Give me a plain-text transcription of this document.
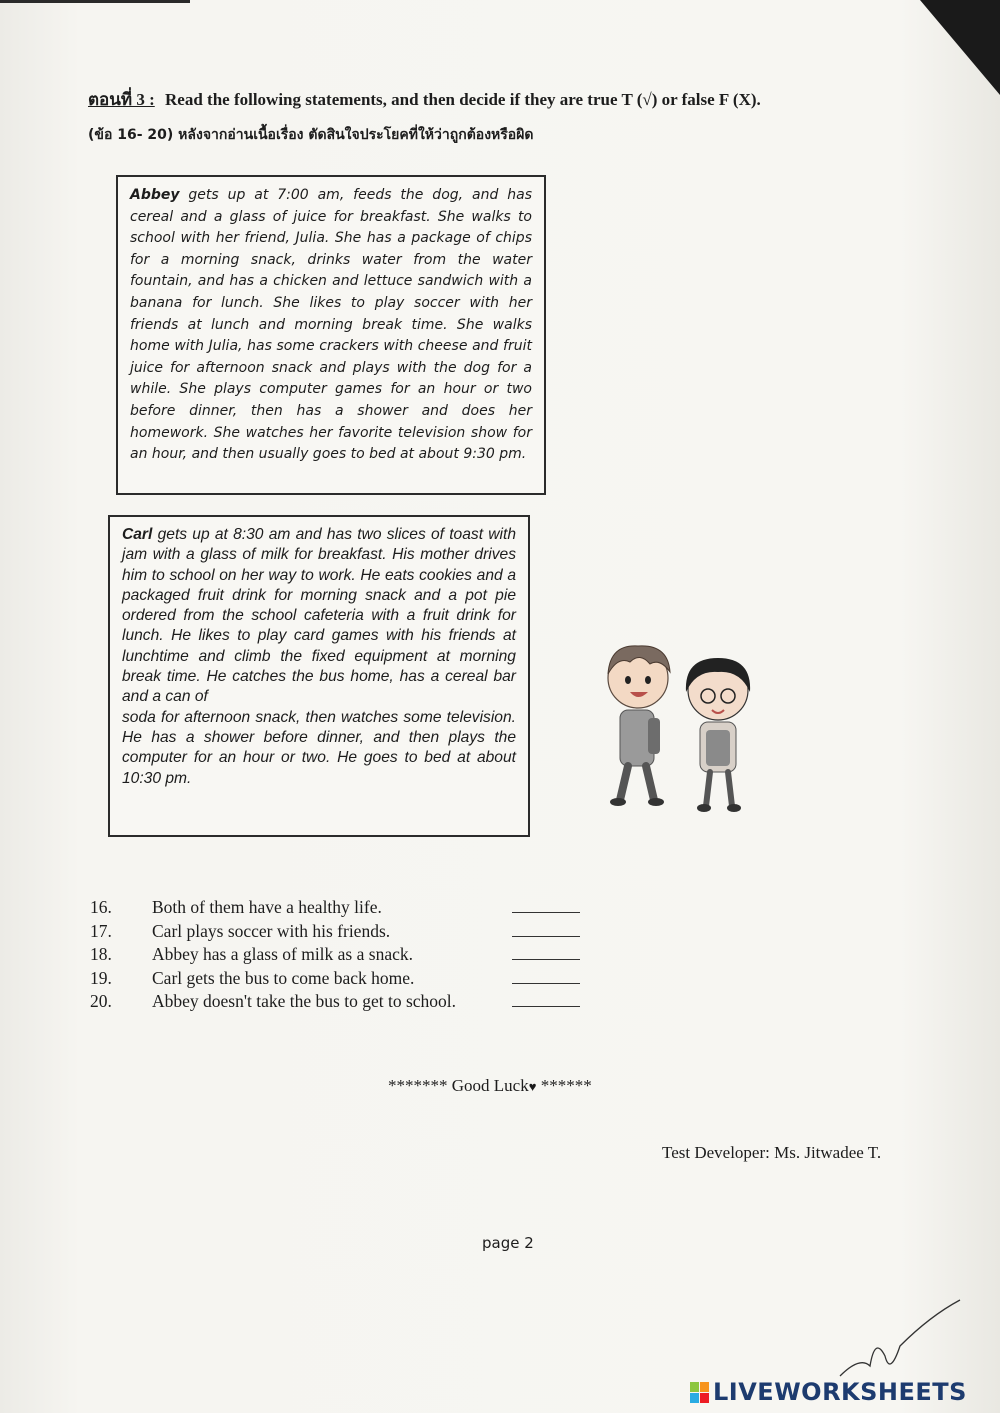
ตอนที่ 3 : Read the following statements, and then decide if they are true T (√) or false F (X).
(ข้อ 16- 20) หลังจากอ่านเนื้อเรื่อง ตัดสินใจประโยคที่ให้ว่าถูกต้องหรือผิด

Abbey gets up at 7:00 am, feeds the dog, and has cereal and a glass of juice for breakfast. She walks to school with her friend, Julia. She has a package of chips for a morning snack, drinks water from the water fountain, and has a chicken and lettuce sandwich with a banana for lunch. She likes to play soccer with her friends at lunch and morning break time. She walks home with Julia, has some crackers with cheese and fruit juice for afternoon snack and plays with the dog for a while. She plays computer games for an hour or two before dinner, then has a shower and does her homework. She watches her favorite television show for an hour, and then usually goes to bed at about 9:30 pm.

Carl gets up at 8:30 am and has two slices of toast with jam with a glass of milk for breakfast. His mother drives him to school on her way to work. He eats cookies and a packaged fruit drink for morning snack and a pot pie ordered from the school cafeteria with a fruit drink for lunch. He likes to play card games with his friends at lunchtime and climb the fixed equipment at morning break time. He catches the bus home, has a cereal bar and a can of
soda for afternoon snack, then watches some television. He has a shower before dinner, and then plays the computer for an hour or two. He goes to bed at about 10:30 pm.

16.	Both of them have a healthy life.
17.	Carl plays soccer with his friends.
18.	Abbey has a glass of milk as a snack.
19.	Carl gets the bus to come back home.
20.	Abbey doesn't take the bus to get to school.
******* Good Luck♥ ******
Test Developer: Ms. Jitwadee T.
page 2
LIVEWORKSHEETS
